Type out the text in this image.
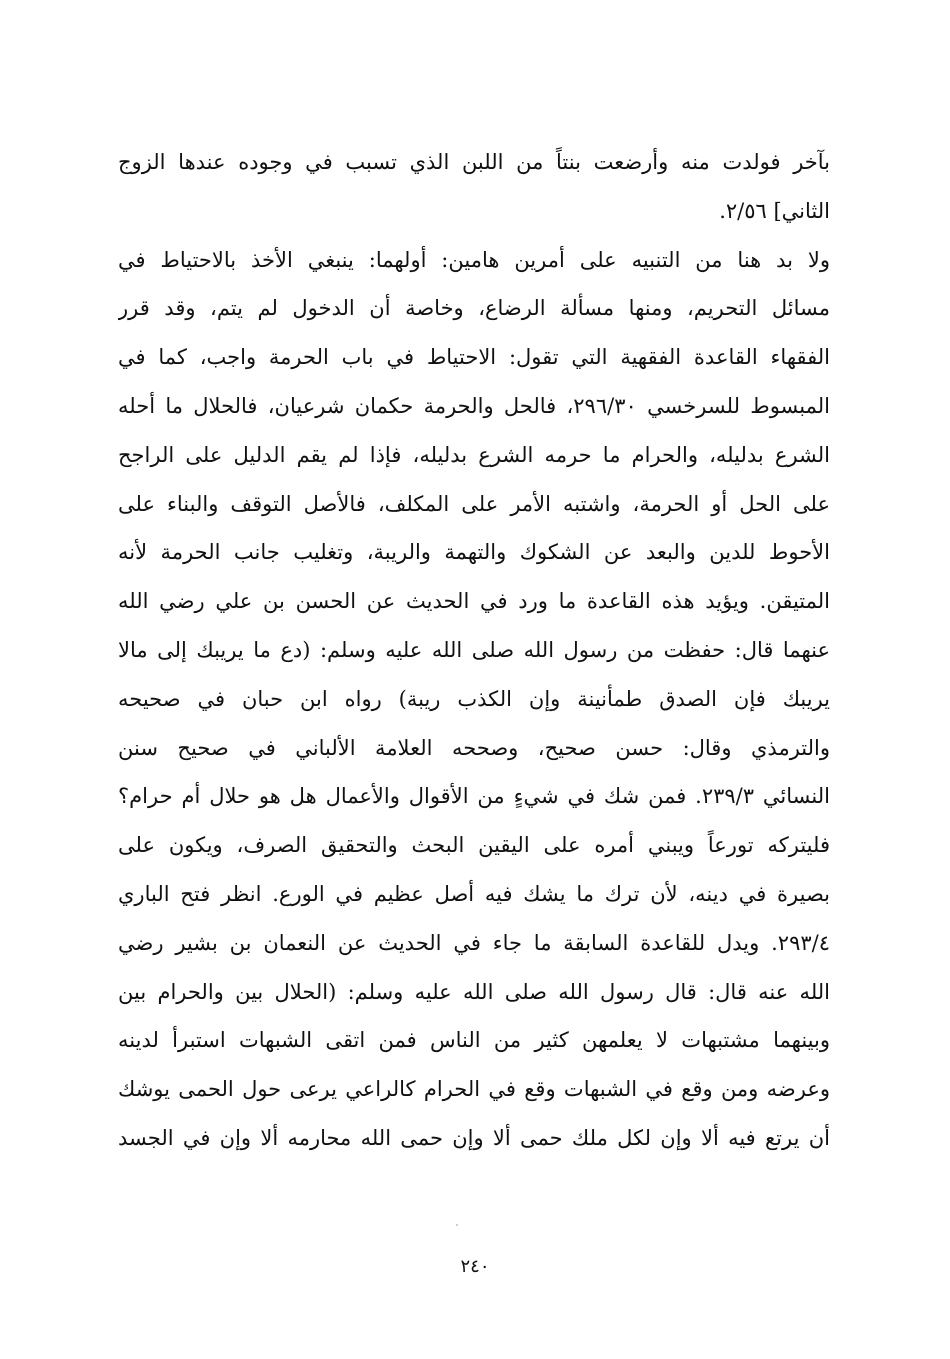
بآخر فولدت منه وأرضعت بنتاً من اللبن الذي تسبب في وجوده عندها الزوج
الثاني] ٢/٥٦.
ولا بد هنا من التنبيه على أمرين هامين: أولهما: ينبغي الأخذ بالاحتياط في
مسائل التحريم، ومنها مسألة الرضاع، وخاصة أن الدخول لم يتم، وقد قرر
الفقهاء القاعدة الفقهية التي تقول: الاحتياط في باب الحرمة واجب، كما في
المبسوط للسرخسي ٢٩٦/٣٠، فالحل والحرمة حكمان شرعيان، فالحلال ما أحله
الشرع بدليله، والحرام ما حرمه الشرع بدليله، فإذا لم يقم الدليل على الراجح
على الحل أو الحرمة، واشتبه الأمر على المكلف، فالأصل التوقف والبناء على
الأحوط للدين والبعد عن الشكوك والتهمة والريبة، وتغليب جانب الحرمة لأنه
المتيقن. ويؤيد هذه القاعدة ما ورد في الحديث عن الحسن بن علي رضي الله
عنهما قال: حفظت من رسول الله صلى الله عليه وسلم: (دع ما يريبك إلى مالا
يريبك فإن الصدق طمأنينة وإن الكذب ريبة) رواه ابن حبان في صحيحه
والترمذي وقال: حسن صحيح، وصححه العلامة الألباني في صحيح سنن
النسائي ٢٣٩/٣. فمن شك في شيءٍ من الأقوال والأعمال هل هو حلال أم حرام؟
فليتركه تورعاً ويبني أمره على اليقين البحث والتحقيق الصرف، ويكون على
بصيرة في دينه، لأن ترك ما يشك فيه أصل عظيم في الورع. انظر فتح الباري
٢٩٣/٤. ويدل للقاعدة السابقة ما جاء في الحديث عن النعمان بن بشير رضي
الله عنه قال: قال رسول الله صلى الله عليه وسلم: (الحلال بين والحرام بين
وبينهما مشتبهات لا يعلمهن كثير من الناس فمن اتقى الشبهات استبرأ لدينه
وعرضه ومن وقع في الشبهات وقع في الحرام كالراعي يرعى حول الحمى يوشك
أن يرتع فيه ألا وإن لكل ملك حمى ألا وإن حمى الله محارمه ألا وإن في الجسد
٢٤٠
